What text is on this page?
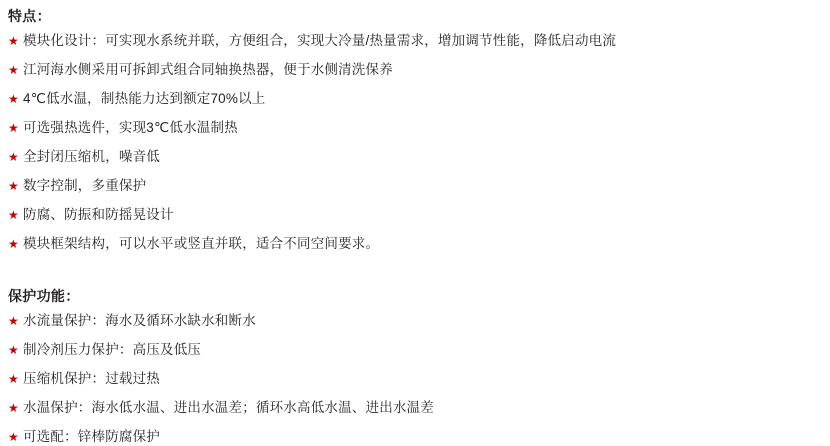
特点：
★ 模块化设计：可实现水系统并联，方便组合，实现大冷量/热量需求，增加调节性能，降低启动电流
★ 江河海水侧采用可拆卸式组合同轴换热器，便于水侧清洗保养
★ 4℃低水温，制热能力达到额定70%以上
★ 可选强热选件，实现3℃低水温制热
★ 全封闭压缩机，噪音低
★ 数字控制，多重保护
★ 防腐、防振和防摇晃设计
★ 模块框架结构，可以水平或竖直并联，适合不同空间要求。
保护功能：
★ 水流量保护：海水及循环水缺水和断水
★ 制冷剂压力保护：高压及低压
★ 压缩机保护：过载过热
★ 水温保护：海水低水温、进出水温差；循环水高低水温、进出水温差
★ 可选配：锌棒防腐保护
